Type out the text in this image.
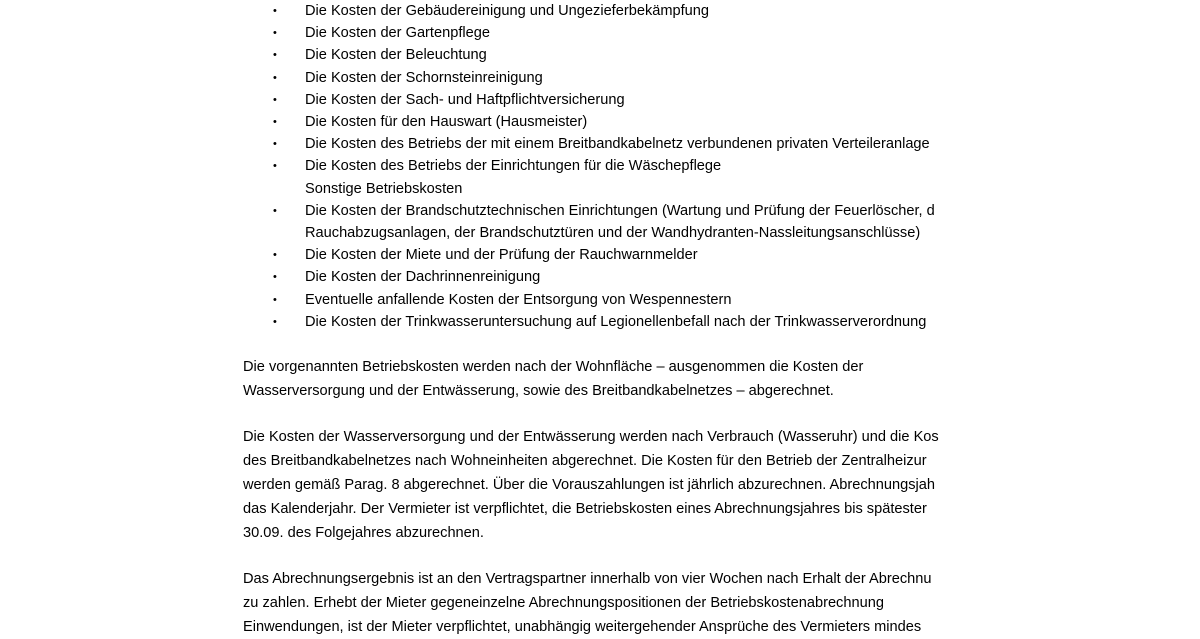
• Die Kosten der Gebäudereinigung und Ungezieferbekämpfung
• Die Kosten der Gartenpflege
• Die Kosten der Beleuchtung
• Die Kosten der Schornsteinreinigung
• Die Kosten der Sach- und Haftpflichtversicherung
• Die Kosten für den Hauswart (Hausmeister)
• Die Kosten des Betriebs der mit einem Breitbandkabelnetz verbundenen privaten Verteileranlage
• Die Kosten des Betriebs der Einrichtungen für die Wäschepflege
Sonstige Betriebskosten
• Die Kosten der Brandschutztechnischen Einrichtungen (Wartung und Prüfung der Feuerlöscher, d
Rauchabzugsanlagen, der Brandschutztüren und der Wandhydranten-Nassleitungsanschlüsse)
• Die Kosten der Miete und der Prüfung der Rauchwarnmelder
• Die Kosten der Dachrinnenreinigung
• Eventuelle anfallende Kosten der Entsorgung von Wespennestern
• Die Kosten der Trinkwasseruntersuchung auf Legionellenbefall nach der Trinkwasserverordnung
Die vorgenannten Betriebskosten werden nach der Wohnfläche – ausgenommen die Kosten der
Wasserversorgung und der Entwässerung, sowie des Breitbandkabelnetzes – abgerechnet.
Die Kosten der Wasserversorgung und der Entwässerung werden nach Verbrauch (Wasseruhr) und die Kos
des Breitbandkabelnetzes nach Wohneinheiten abgerechnet. Die Kosten für den Betrieb der Zentralheizur
werden gemäß Parag. 8 abgerechnet. Über die Vorauszahlungen ist jährlich abzurechnen. Abrechnungsjah
das Kalenderjahr. Der Vermieter ist verpflichtet, die Betriebskosten eines Abrechnungsjahres bis spätester
30.09. des Folgejahres abzurechnen.
Das Abrechnungsergebnis ist an den Vertragspartner innerhalb von vier Wochen nach Erhalt der Abrechnu
zu zahlen. Erhebt der Mieter gegeneinzelne Abrechnungspositionen der Betriebskostenabrechnung
Einwendungen, ist der Mieter verpflichtet, unabhängig weitergehender Ansprüche des Vermieters mindes
